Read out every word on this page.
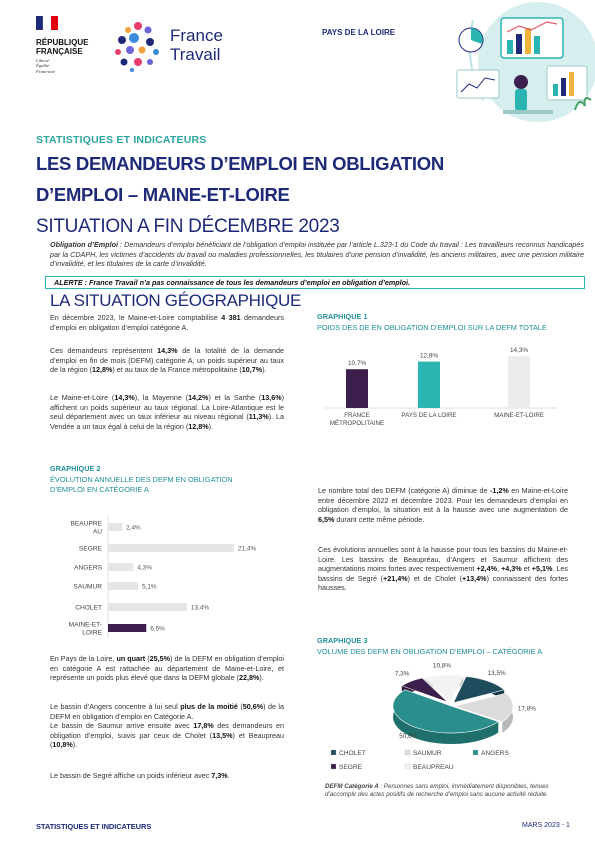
RÉPUBLIQUE
FRANÇAISE
Liberté
Égalité
Fraternité
France
Travail
PAYS DE LA LOIRE
STATISTIQUES ET INDICATEURS
LES DEMANDEURS D’EMPLOI EN OBLIGATION
D’EMPLOI – MAINE-ET-LOIRE
SITUATION A FIN DÉCEMBRE 2023
Obligation d’Emploi : Demandeurs d’emploi bénéficiant de l’obligation d’emploi instituée par l’article L.323-1 du Code du travail : Les travailleurs reconnus handicapés par la CDAPH, les victimes d’accidents du travail ou maladies professionnelles, les titulaires d’une pension d’invalidité, les anciens militaires, avec une pension militaire d’invalidité, et les titulaires de la carte d’invalidité.
ALERTE : France Travail n’a pas connaissance de tous les demandeurs d’emploi en obligation d’emploi.
LA SITUATION GÉOGRAPHIQUE
En décembre 2023, le Maine-et-Loire comptabilise 4 381 demandeurs d’emploi en obligation d’emploi catégorie A.
Ces demandeurs représentent 14,3% de la totalité de la demande d’emploi en fin de mois (DEFM) catégorie A, un poids supérieur au taux de la région (12,8%) et au taux de la France métropolitaine (10,7%).
Le Maine-et-Loire (14,3%), la Mayenne (14,2%) et la Sarthe (13,6%) affichent un poids supérieur au taux régional. La Loire-Atlantique est le seul département avec un taux inférieur au niveau régional (11,3%). La Vendée a un taux égal à celui de la région (12,8%).
GRAPHIQUE 1
POIDS DES DE EN OBLIGATION D’EMPLOI SUR LA DEFM TOTALE
10,7%
12,8%
14,3%
FRANCE
MÉTROPOLITAINE
PAYS DE LA LOIRE	MAINE-ET-LOIRE
GRAPHIQUE 2
ÉVOLUTION ANNUELLE DES DEFM EN OBLIGATION
D’EMPLOI EN CATÉGORIE A
2,4%
BEAUPRE
AU
21,4%
SEGRE
4,3%
ANGERS
5,1%
SAUMUR
13,4%
CHOLET
6,5%
MAINE-ET-
LOIRE
Le nombre total des DEFM (catégorie A) diminue de -1,2% en Maine-et-Loire entre décembre 2022 et décembre 2023. Pour les demandeurs d’emploi en obligation d’emploi, la situation est à la hausse avec une augmentation de 6,5% durant cette même période.
Ces évolutions annuelles sont à la hausse pour tous les bassins du Maine-et-Loire. Les bassins de Beaupréau, d’Angers et Saumur affichent des augmentations moins fortes avec respectivement +2,4%, +4,3% et +5,1%. Les bassins de Segré (+21,4%) et de Cholet (+13,4%) connaissent des fortes hausses.
En Pays de la Loire, un quart (25,5%) de la DEFM en obligation d’emploi en catégorie A est rattachée au département de Maine-et-Loire, et représente un poids plus élevé que dans la DEFM globale (22,8%).
Le bassin d’Angers concentre à lui seul plus de la moitié (50,6%) de la DEFM en obligation d’emploi en Catégorie A.
Le bassin de Saumur arrive ensuite avec 17,8% des demandeurs en obligation d’emploi, suivis par ceux de Cholet (13,5%) et Beaupreau (10,8%).
Le bassin de Segré affiche un poids inférieur avec 7,3%.
GRAPHIQUE 3
VOLUME DES DEFM EN OBLIGATION D’EMPLOI – CATÉGORIE A
13,5%
17,8%
50,6%
7,3%
10,8%
CHOLET	SAUMUR	ANGERS
SEGRE	BEAUPREAU
DEFM Catégorie A : Personnes sans emploi, immédiatement disponibles, tenues d’accomplir des actes positifs de recherche d’emploi sans aucune activité réduite.
STATISTIQUES ET INDICATEURS	MARS 2023 - 1
